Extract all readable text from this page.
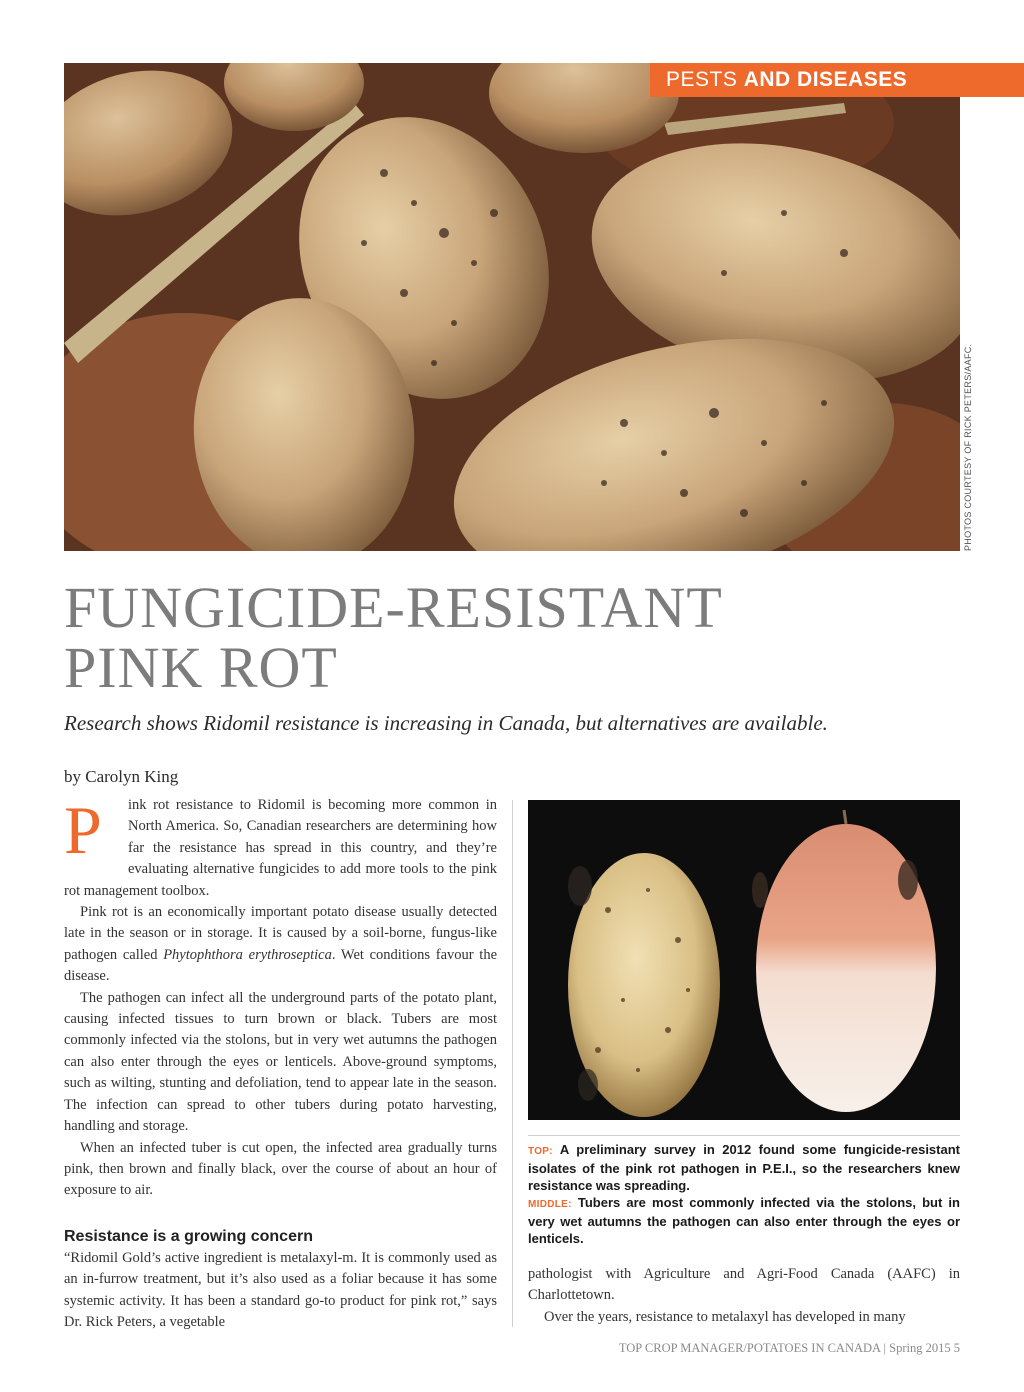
PESTS AND DISEASES
PHOTOS COURTESY OF RICK PETERS/AAFC.
FUNGICIDE-RESISTANT
PINK ROT
Research shows Ridomil resistance is increasing in Canada, but alternatives are available.
by Carolyn King

P	ink rot resistance to Ridomil is becoming more common in North America. So, Canadian researchers are determining how far the resistance has spread in this country, and they’re evaluating alternative fungicides to add more tools to the pink rot management toolbox.

Pink rot is an economically important potato disease usually detected late in the season or in storage. It is caused by a soil-borne, fungus-like pathogen called Phytophthora erythroseptica. Wet conditions favour the disease.

The pathogen can infect all the underground parts of the potato plant, causing infected tissues to turn brown or black. Tubers are most commonly infected via the stolons, but in very wet autumns the pathogen can also enter through the eyes or lenticels. Above-ground symptoms, such as wilting, stunting and defoliation, tend to appear late in the season. The infection can spread to other tubers during potato harvesting, handling and storage.

When an infected tuber is cut open, the infected area gradually turns pink, then brown and finally black, over the course of about an hour of exposure to air.

Resistance is a growing concern

“Ridomil Gold’s active ingredient is metalaxyl-m. It is commonly used as an in-furrow treatment, but it’s also used as a foliar because it has some systemic activity. It has been a standard go-to product for pink rot,” says Dr. Rick Peters, a vegetable

TOP: A preliminary survey in 2012 found some fungicide-resistant isolates of the pink rot pathogen in P.E.I., so the researchers knew resistance was spreading.
MIDDLE: Tubers are most commonly infected via the stolons, but in very wet autumns the pathogen can also enter through the eyes or lenticels.

pathologist with Agriculture and Agri-Food Canada (AAFC) in Charlottetown.

Over the years, resistance to metalaxyl has developed in many

TOP CROP MANAGER/POTATOES IN CANADA | Spring 2015 5
